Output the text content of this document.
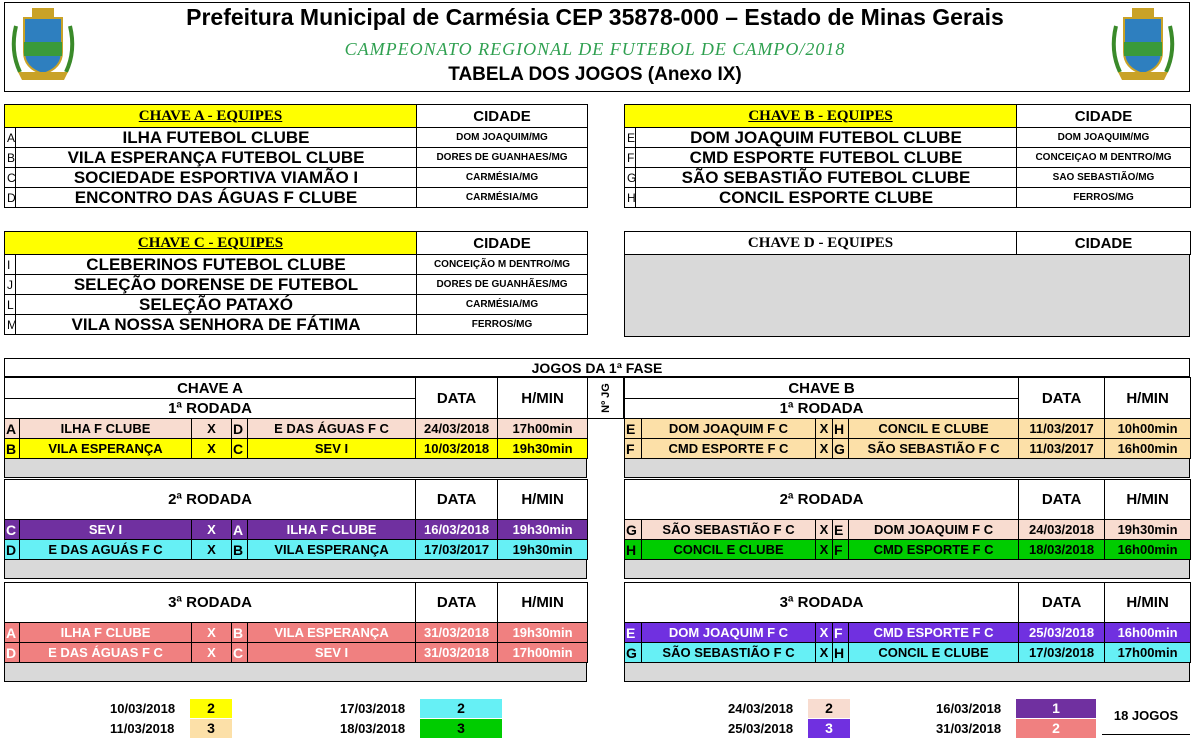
Prefeitura Municipal de Carmésia CEP 35878-000 – Estado de Minas Gerais
CAMPEONATO REGIONAL DE FUTEBOL DE CAMPO/2018
TABELA DOS JOGOS (Anexo IX)
CHAVE A - EQUIPES		CIDADE
A	ILHA FUTEBOL CLUBE	DOM JOAQUIM/MG
B	VILA ESPERANÇA FUTEBOL CLUBE	DORES DE GUANHAES/MG
C	SOCIEDADE ESPORTIVA VIAMÃO I	CARMÉSIA/MG
D	ENCONTRO DAS ÁGUAS F CLUBE	CARMÉSIA/MG
CHAVE B - EQUIPES		CIDADE
E	DOM JOAQUIM FUTEBOL CLUBE	DOM JOAQUIM/MG
F	CMD ESPORTE FUTEBOL CLUBE	CONCEIÇAO M DENTRO/MG
G	SÃO SEBASTIÃO FUTEBOL CLUBE	SAO SEBASTIÃO/MG
H	CONCIL ESPORTE CLUBE	FERROS/MG
CHAVE C - EQUIPES		CIDADE
I	CLEBERINOS FUTEBOL CLUBE	CONCEIÇÃO M DENTRO/MG
J	SELEÇÃO DORENSE DE FUTEBOL	DORES DE GUANHÃES/MG
L	SELEÇÃO PATAXÓ	CARMÉSIA/MG
M	VILA NOSSA SENHORA DE FÁTIMA	FERROS/MG
CHAVE D - EQUIPES	CIDADE
JOGOS DA 1ª FASE
Nº JG
CHAVE A					DATA	H/MIN
1ª RODADA						
A	ILHA F CLUBE	X	D	E DAS ÁGUAS F C	24/03/2018	17h00min
B	VILA ESPERANÇA	X	C	SEV I	10/03/2018	19h30min
2ª RODADA					DATA	H/MIN
C	SEV I	X	A	ILHA F CLUBE	16/03/2018	19h30min
D	E DAS AGUÁS F C	X	B	VILA ESPERANÇA	17/03/2017	19h30min
3ª RODADA					DATA	H/MIN
A	ILHA F CLUBE	X	B	VILA ESPERANÇA	31/03/2018	19h30min
D	E DAS ÁGUAS F C	X	C	SEV I	31/03/2018	17h00min
CHAVE B					DATA	H/MIN
1ª RODADA						
E	DOM JOAQUIM F C	X	H	CONCIL E CLUBE	11/03/2017	10h00min
F	CMD ESPORTE F C	X	G	SÃO SEBASTIÃO F C	11/03/2017	16h00min
2ª RODADA					DATA	H/MIN
G	SÃO SEBASTIÃO F C	X	E	DOM JOAQUIM F C	24/03/2018	19h30min
H	CONCIL E CLUBE	X	F	CMD ESPORTE F C	18/03/2018	16h00min
3ª RODADA					DATA	H/MIN
E	DOM JOAQUIM F C	X	F	CMD ESPORTE F C	25/03/2018	16h00min
G	SÃO SEBASTIÃO F C	X	H	CONCIL E CLUBE	17/03/2018	17h00min
10/03/2018	2
11/03/2018	3
17/03/2018	2
18/03/2018	3
24/03/2018	2
25/03/2018	3
16/03/2018	1
31/03/2018	2
18 JOGOS
